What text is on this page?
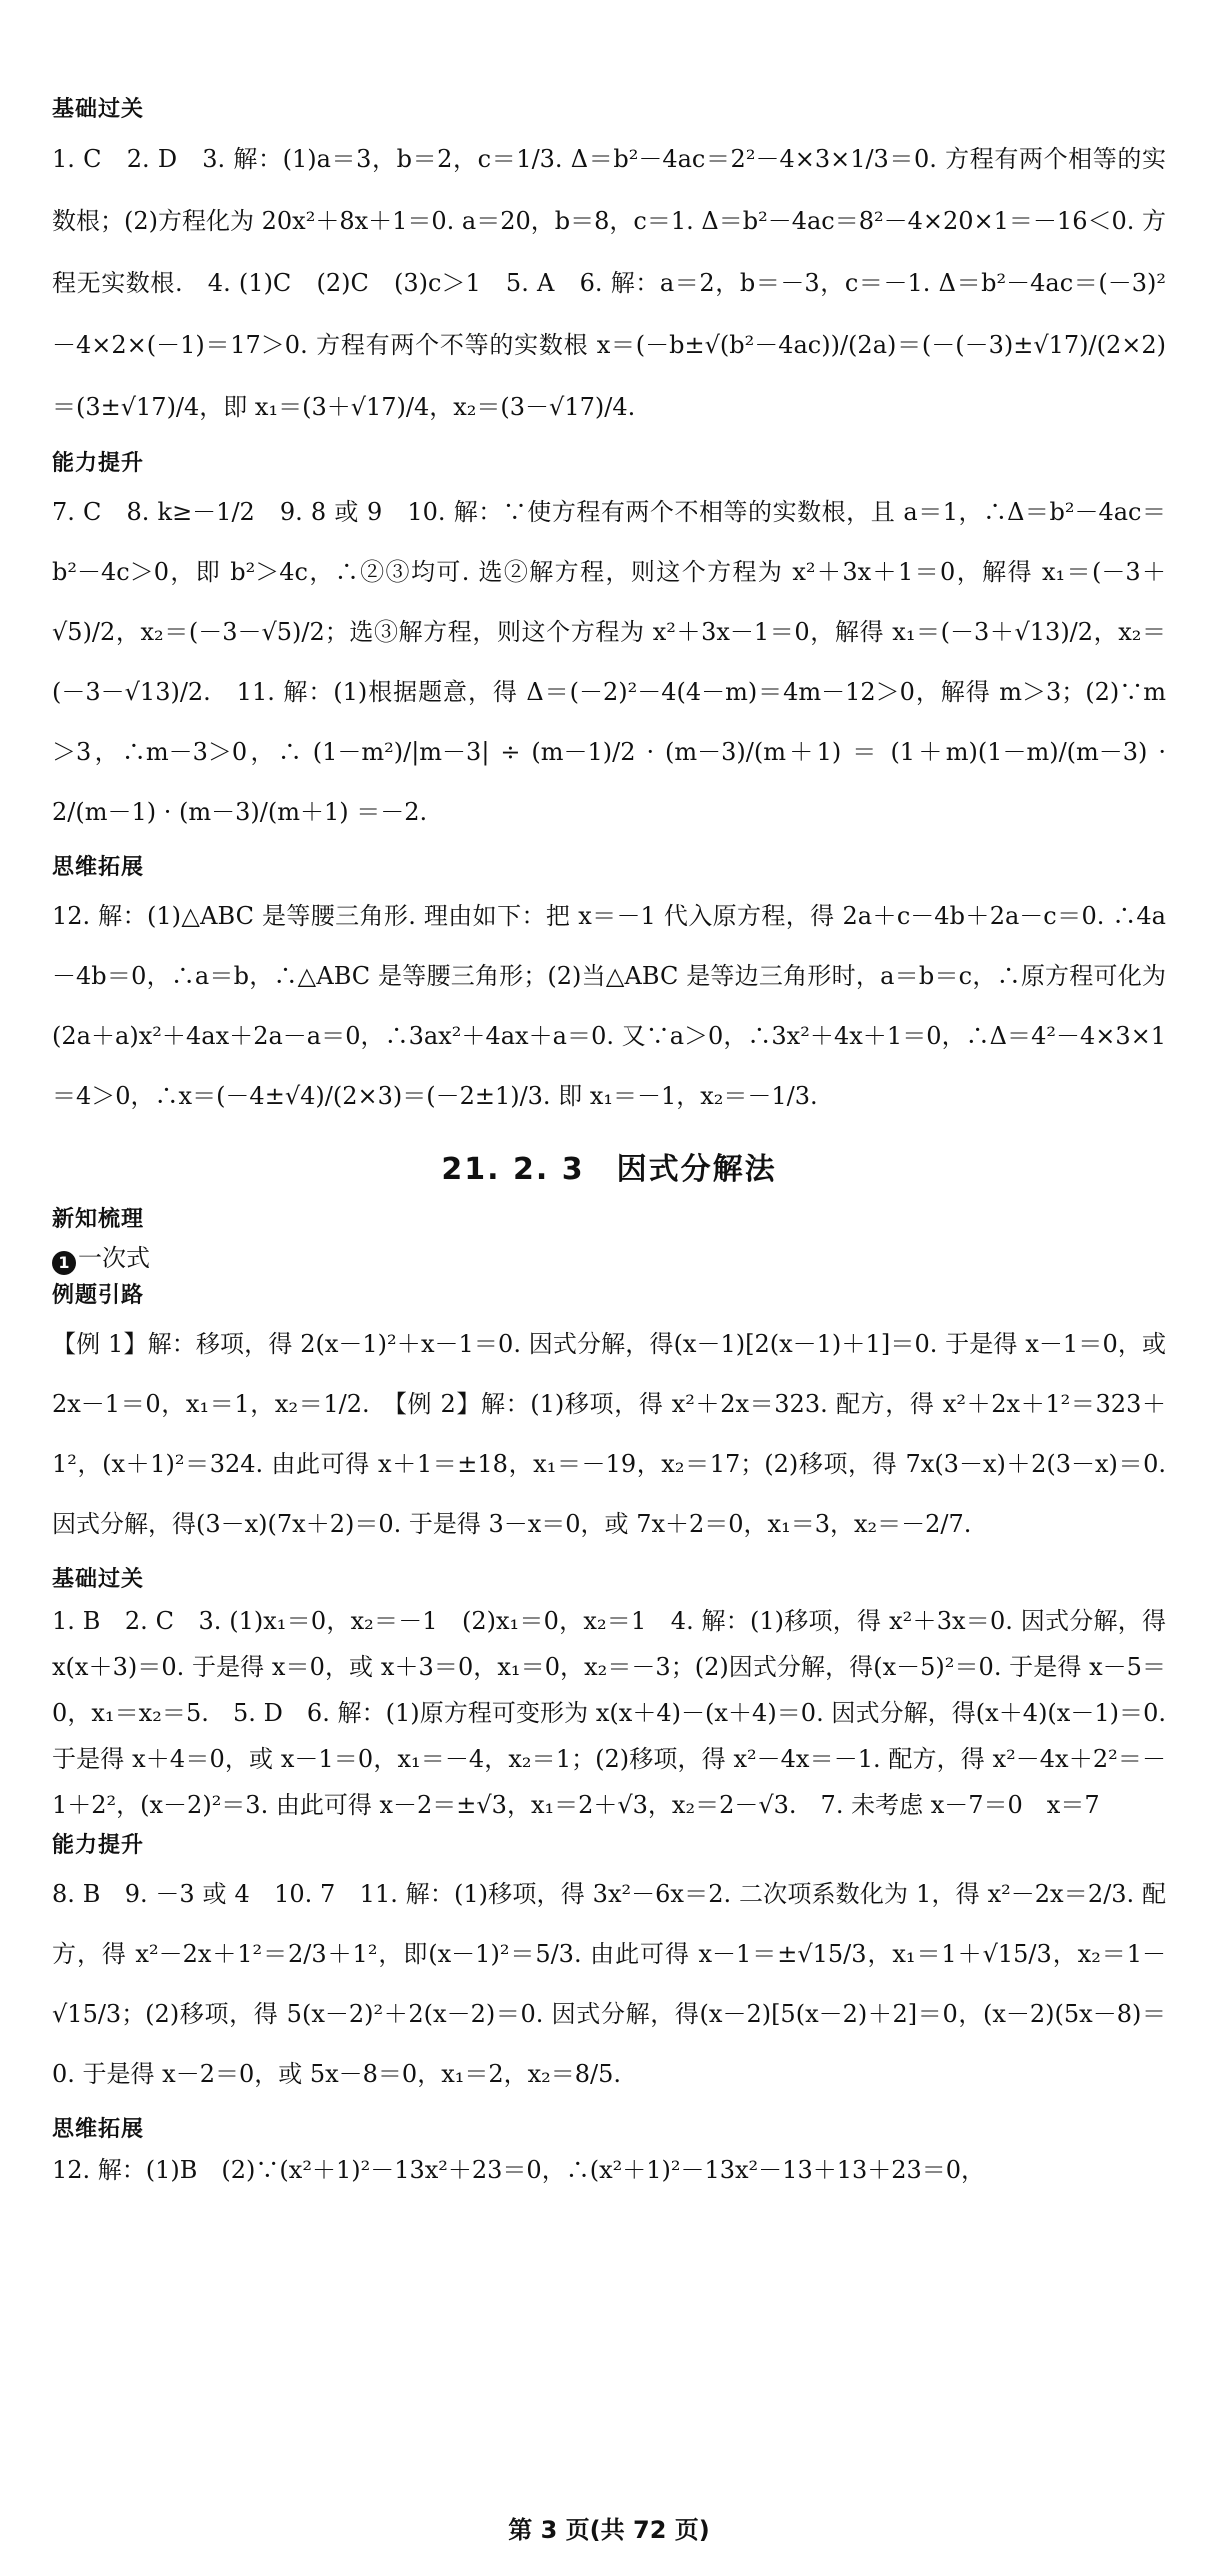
基础过关

1. C　2. D　3. 解：(1)a＝3，b＝2，c＝1/3. Δ＝b²－4ac＝2²－4×3×1/3＝0. 方程有两个相等的实数根；(2)方程化为 20x²＋8x＋1＝0. a＝20，b＝8，c＝1. Δ＝b²－4ac＝8²－4×20×1＝－16＜0. 方程无实数根.　4. (1)C　(2)C　(3)c＞1　5. A　6. 解：a＝2，b＝－3，c＝－1. Δ＝b²－4ac＝(－3)²－4×2×(－1)＝17＞0. 方程有两个不等的实数根 x＝(－b±√(b²－4ac))/(2a)＝(－(－3)±√17)/(2×2)＝(3±√17)/4，即 x₁＝(3＋√17)/4，x₂＝(3－√17)/4.

能力提升

7. C　8. k≥－1/2　9. 8 或 9　10. 解：∵使方程有两个不相等的实数根，且 a＝1，∴Δ＝b²－4ac＝b²－4c＞0，即 b²＞4c，∴②③均可. 选②解方程，则这个方程为 x²＋3x＋1＝0，解得 x₁＝(－3＋√5)/2，x₂＝(－3－√5)/2；选③解方程，则这个方程为 x²＋3x－1＝0，解得 x₁＝(－3＋√13)/2，x₂＝(－3－√13)/2.　11. 解：(1)根据题意，得 Δ＝(－2)²－4(4－m)＝4m－12＞0，解得 m＞3；(2)∵m＞3，∴m－3＞0，∴ (1－m²)/|m－3| ÷ (m－1)/2 · (m－3)/(m＋1) ＝ (1＋m)(1－m)/(m－3) · 2/(m－1) · (m－3)/(m＋1) ＝－2.

思维拓展

12. 解：(1)△ABC 是等腰三角形. 理由如下：把 x＝－1 代入原方程，得 2a＋c－4b＋2a－c＝0. ∴4a－4b＝0，∴a＝b，∴△ABC 是等腰三角形；(2)当△ABC 是等边三角形时，a＝b＝c，∴原方程可化为(2a＋a)x²＋4ax＋2a－a＝0，∴3ax²＋4ax＋a＝0. 又∵a＞0，∴3x²＋4x＋1＝0，∴Δ＝4²－4×3×1＝4＞0，∴x＝(－4±√4)/(2×3)＝(－2±1)/3. 即 x₁＝－1，x₂＝－1/3.

21. 2. 3　因式分解法

新知梳理

1 一次式

例题引路

【例 1】解：移项，得 2(x－1)²＋x－1＝0. 因式分解，得(x－1)[2(x－1)＋1]＝0. 于是得 x－1＝0，或 2x－1＝0，x₁＝1，x₂＝1/2.　【例 2】解：(1)移项，得 x²＋2x＝323. 配方，得 x²＋2x＋1²＝323＋1²，(x＋1)²＝324. 由此可得 x＋1＝±18，x₁＝－19，x₂＝17；(2)移项，得 7x(3－x)＋2(3－x)＝0. 因式分解，得(3－x)(7x＋2)＝0. 于是得 3－x＝0，或 7x＋2＝0，x₁＝3，x₂＝－2/7.

基础过关

1. B　2. C　3. (1)x₁＝0，x₂＝－1　(2)x₁＝0，x₂＝1　4. 解：(1)移项，得 x²＋3x＝0. 因式分解，得 x(x＋3)＝0. 于是得 x＝0，或 x＋3＝0，x₁＝0，x₂＝－3；(2)因式分解，得(x－5)²＝0. 于是得 x－5＝0，x₁＝x₂＝5.　5. D　6. 解：(1)原方程可变形为 x(x＋4)－(x＋4)＝0. 因式分解，得(x＋4)(x－1)＝0. 于是得 x＋4＝0，或 x－1＝0，x₁＝－4，x₂＝1；(2)移项，得 x²－4x＝－1. 配方，得 x²－4x＋2²＝－1＋2²，(x－2)²＝3. 由此可得 x－2＝±√3，x₁＝2＋√3，x₂＝2－√3.　7. 未考虑 x－7＝0　x＝7

能力提升

8. B　9. －3 或 4　10. 7　11. 解：(1)移项，得 3x²－6x＝2. 二次项系数化为 1，得 x²－2x＝2/3. 配方，得 x²－2x＋1²＝2/3＋1²，即(x－1)²＝5/3. 由此可得 x－1＝±√15/3，x₁＝1＋√15/3，x₂＝1－√15/3；(2)移项，得 5(x－2)²＋2(x－2)＝0. 因式分解，得(x－2)[5(x－2)＋2]＝0，(x－2)(5x－8)＝0. 于是得 x－2＝0，或 5x－8＝0，x₁＝2，x₂＝8/5.

思维拓展

12. 解：(1)B　(2)∵(x²＋1)²－13x²＋23＝0，∴(x²＋1)²－13x²－13＋13＋23＝0，

第 3 页(共 72 页)
